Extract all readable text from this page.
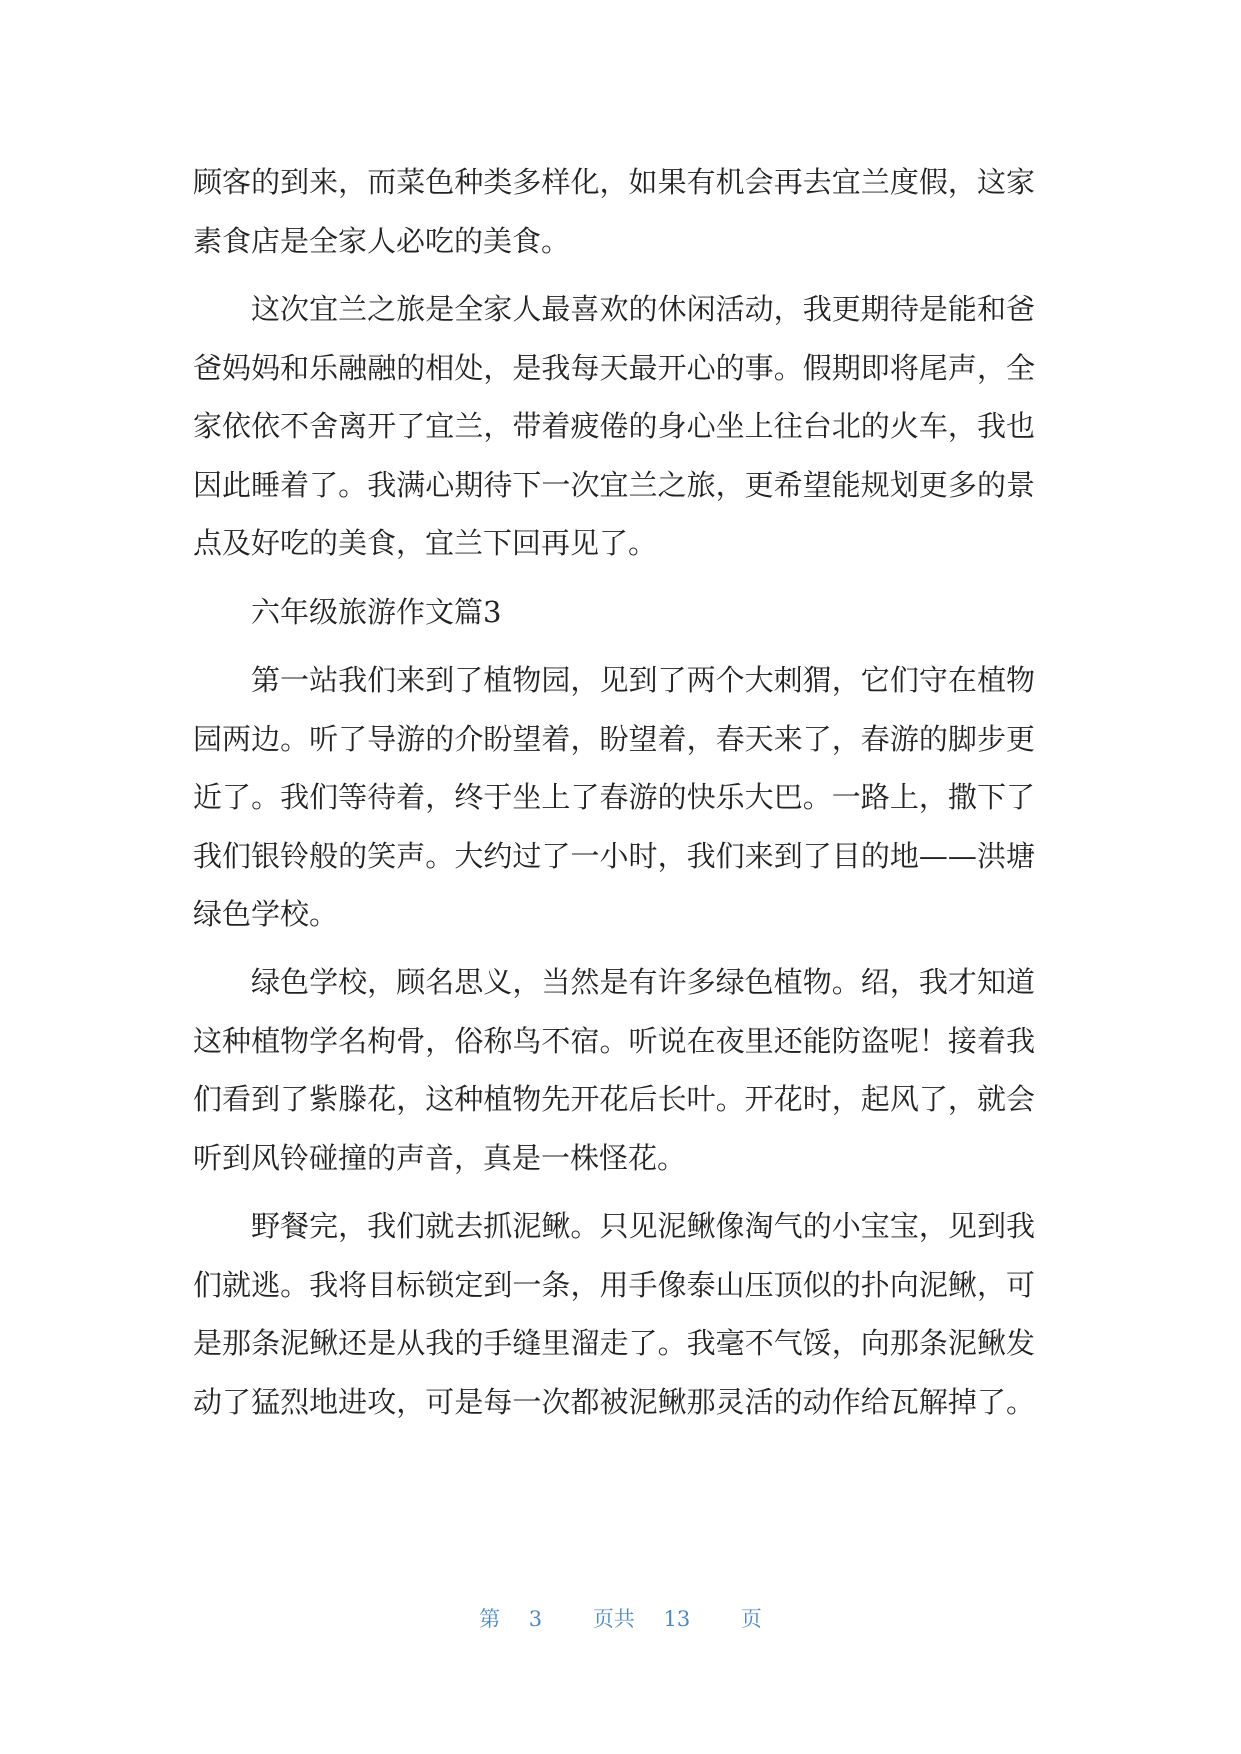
顾客的到来，而菜色种类多样化，如果有机会再去宜兰度假，这家
素食店是全家人必吃的美食。
这次宜兰之旅是全家人最喜欢的休闲活动，我更期待是能和爸
爸妈妈和乐融融的相处，是我每天最开心的事。假期即将尾声，全
家依依不舍离开了宜兰，带着疲倦的身心坐上往台北的火车，我也
因此睡着了。我满心期待下一次宜兰之旅，更希望能规划更多的景
点及好吃的美食，宜兰下回再见了。
六年级旅游作文篇3
第一站我们来到了植物园，见到了两个大刺猬，它们守在植物
园两边。听了导游的介盼望着，盼望着，春天来了，春游的脚步更
近了。我们等待着，终于坐上了春游的快乐大巴。一路上，撒下了
我们银铃般的笑声。大约过了一小时，我们来到了目的地——洪塘
绿色学校。
绿色学校，顾名思义，当然是有许多绿色植物。绍，我才知道
这种植物学名枸骨，俗称鸟不宿。听说在夜里还能防盗呢！接着我
们看到了紫滕花，这种植物先开花后长叶。开花时，起风了，就会
听到风铃碰撞的声音，真是一株怪花。
野餐完，我们就去抓泥鳅。只见泥鳅像淘气的小宝宝，见到我
们就逃。我将目标锁定到一条，用手像泰山压顶似的扑向泥鳅，可
是那条泥鳅还是从我的手缝里溜走了。我毫不气馁，向那条泥鳅发
动了猛烈地进攻，可是每一次都被泥鳅那灵活的动作给瓦解掉了。
第 3 页共 13 页
